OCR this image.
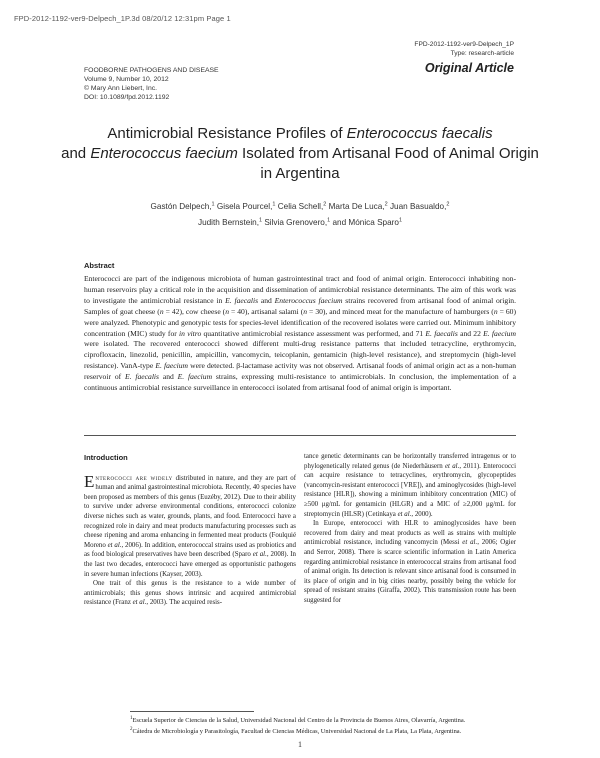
FPD-2012-1192-ver9-Delpech_1P.3d 08/20/12 12:31pm Page 1
FPD-2012-1192-ver9-Delpech_1P
Type: research-article
FOODBORNE PATHOGENS AND DISEASE
Volume 9, Number 10, 2012
© Mary Ann Liebert, Inc.
DOI: 10.1089/fpd.2012.1192
Original Article
Antimicrobial Resistance Profiles of Enterococcus faecalis
and Enterococcus faecium Isolated from Artisanal Food of Animal Origin in Argentina
Gastón Delpech,$^1$ Gisela Pourcel,$^1$ Celia Schell,$^2$ Marta De Luca,$^2$ Juan Basualdo,$^2$
Judith Bernstein,$^1$ Silvia Grenovero,$^1$ and Mónica Sparo$^1$
Abstract
Enterococci are part of the indigenous microbiota of human gastrointestinal tract and food of animal origin. Enterococci inhabiting non-human reservoirs play a critical role in the acquisition and dissemination of antimicrobial resistance determinants. The aim of this work was to investigate the antimicrobial resistance in E. faecalis and Enterococcus faecium strains recovered from artisanal food of animal origin. Samples of goat cheese (n = 42), cow cheese (n = 40), artisanal salami (n = 30), and minced meat for the manufacture of hamburgers (n = 60) were analyzed. Phenotypic and genotypic tests for species-level identification of the recovered isolates were carried out. Minimum inhibitory concentration (MIC) study for in vitro quantitative antimicrobial resistance assessment was performed, and 71 E. faecalis and 22 E. faecium were isolated. The recovered enterococci showed different multi-drug resistance patterns that included tetracycline, erythromycin, ciprofloxacin, linezolid, penicillin, ampicillin, vancomycin, teicoplanin, gentamicin (high-level resistance), and streptomycin (high-level resistance). VanA-type E. faecium were detected. β-lactamase activity was not observed. Artisanal foods of animal origin act as a non-human reservoir of E. faecalis and E. faecium strains, expressing multi-resistance to antimicrobials. In conclusion, the implementation of a continuous antimicrobial resistance surveillance in enterococci isolated from artisanal food of animal origin is important.
Introduction

Enterococci are widely distributed in nature, and they are part of human and animal gastrointestinal microbiota. Recently, 40 species have been proposed as members of this genus (Euzéby, 2012). Due to their ability to survive under adverse environmental conditions, enterococci colonize diverse niches such as water, grounds, plants, and food. Enterococci have a recognized role in dairy and meat products manufacturing processes such as cheese ripening and aroma enhancing in fermented meat products (Foulquié Moreno et al., 2006). In addition, enterococcal strains used as probiotics and as food biological preservatives have been described (Sparo et al., 2008). In the last two decades, enterococci have emerged as opportunistic pathogens in severe human infections (Kayser, 2003).

One trait of this genus is the resistance to a wide number of antimicrobials; this genus shows intrinsic and acquired antimicrobial resistance (Franz et al., 2003). The acquired resis-

tance genetic determinants can be horizontally transferred intragenus or to phylogenetically related genus (de Niederhäusern et al., 2011). Enterococci can acquire resistance to tetracyclines, erythromycin, glycopeptides (vancomycin-resistant enterococci [VRE]), and aminoglycosides (high-level resistance [HLR]), showing a minimum inhibitory concentration (MIC) of ≥500 μg/mL for gentamicin (HLGR) and a MIC of ≥2,000 μg/mL for streptomycin (HLSR) (Cetinkaya et al., 2000).

In Europe, enterococci with HLR to aminoglycosides have been recovered from dairy and meat products as well as strains with multiple antimicrobial resistance, including vancomycin (Messi et al., 2006; Ogier and Serror, 2008). There is scarce scientific information in Latin America regarding antimicrobial resistance in enterococcal strains from artisanal food of animal origin. Its detection is relevant since artisanal food is consumed in its place of origin and in big cities nearby, possibly being the vehicle for spread of resistant strains (Giraffa, 2002). This transmission route has been suggested for

$^1$Escuela Superior de Ciencias de la Salud, Universidad Nacional del Centro de la Provincia de Buenos Aires, Olavarría, Argentina.
$^2$Cátedra de Microbiología y Parasitología, Facultad de Ciencias Médicas, Universidad Nacional de La Plata, La Plata, Argentina.
1
